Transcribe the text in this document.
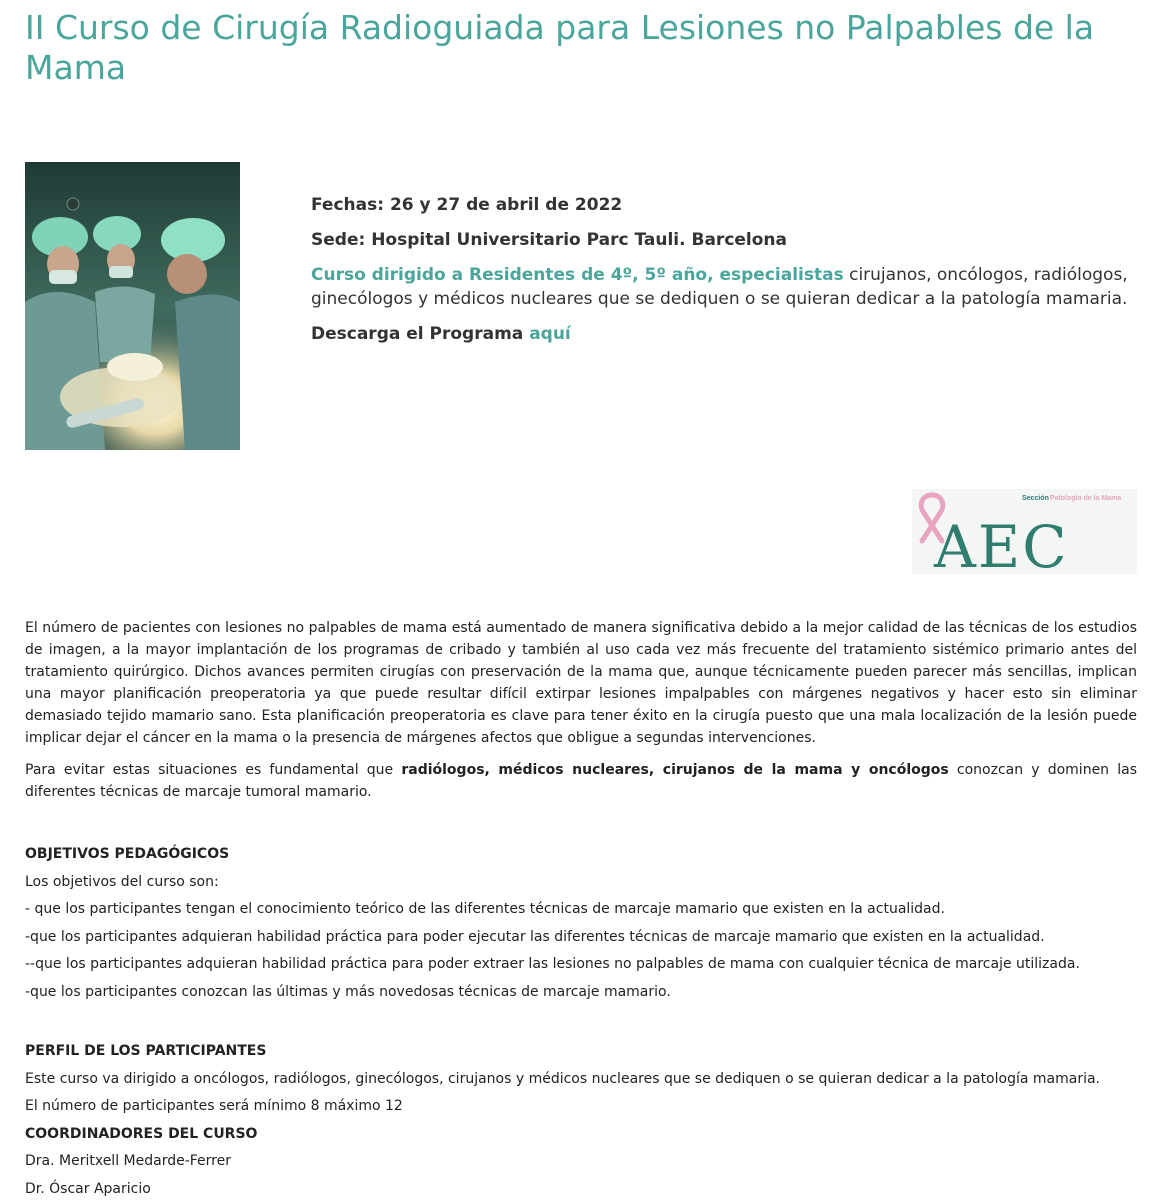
II Curso de Cirugía Radioguiada para Lesiones no Palpables de la Mama

Fechas: 26 y 27 de abril de 2022

Sede: Hospital Universitario Parc Tauli. Barcelona

Curso dirigido a Residentes de 4º, 5º año, especialistas cirujanos, oncólogos, radiólogos, ginecólogos y médicos nucleares que se dediquen o se quieran dedicar a la patología mamaria.

Descarga el Programa aquí

Sección Patología de la Mama
AEC

El número de pacientes con lesiones no palpables de mama está aumentado de manera significativa debido a la mejor calidad de las técnicas de los estudios de imagen, a la mayor implantación de los programas de cribado y también al uso cada vez más frecuente del tratamiento sistémico primario antes del tratamiento quirúrgico. Dichos avances permiten cirugías con preservación de la mama que, aunque técnicamente pueden parecer más sencillas, implican una mayor planificación preoperatoria ya que puede resultar difícil extirpar lesiones impalpables con márgenes negativos y hacer esto sin eliminar demasiado tejido mamario sano. Esta planificación preoperatoria es clave para tener éxito en la cirugía puesto que una mala localización de la lesión puede implicar dejar el cáncer en la mama o la presencia de márgenes afectos que obligue a segundas intervenciones.

Para evitar estas situaciones es fundamental que radiólogos, médicos nucleares, cirujanos de la mama y oncólogos conozcan y dominen las diferentes técnicas de marcaje tumoral mamario.

OBJETIVOS PEDAGÓGICOS
Los objetivos del curso son:
- que los participantes tengan el conocimiento teórico de las diferentes técnicas de marcaje mamario que existen en la actualidad.
-que los participantes adquieran habilidad práctica para poder ejecutar las diferentes técnicas de marcaje mamario que existen en la actualidad.
--que los participantes adquieran habilidad práctica para poder extraer las lesiones no palpables de mama con cualquier técnica de marcaje utilizada.
-que los participantes conozcan las últimas y más novedosas técnicas de marcaje mamario.
PERFIL DE LOS PARTICIPANTES
Este curso va dirigido a oncólogos, radiólogos, ginecólogos, cirujanos y médicos nucleares que se dediquen o se quieran dedicar a la patología mamaria.
El número de participantes será mínimo 8 máximo 12
COORDINADORES DEL CURSO
Dra. Meritxell Medarde-Ferrer
Dr. Óscar Aparicio
